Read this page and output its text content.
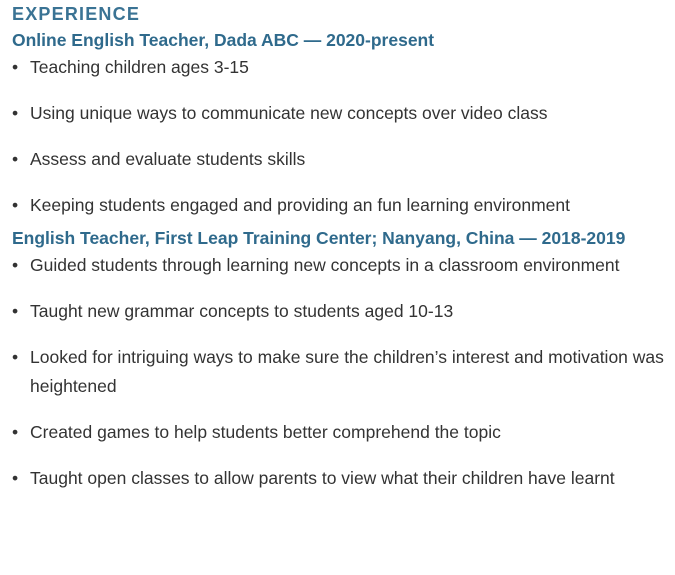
EXPERIENCE
Online English Teacher, Dada ABC — 2020-present
• Teaching children ages 3-15
• Using unique ways to communicate new concepts over video class
• Assess and evaluate students skills
• Keeping students engaged and providing an fun learning environment
English Teacher, First Leap Training Center; Nanyang, China — 2018-2019
• Guided students through learning new concepts in a classroom environment
• Taught new grammar concepts to students aged 10-13
• Looked for intriguing ways to make sure the children’s interest and motivation was heightened
• Created games to help students better comprehend the topic
• Taught open classes to allow parents to view what their children have learnt
